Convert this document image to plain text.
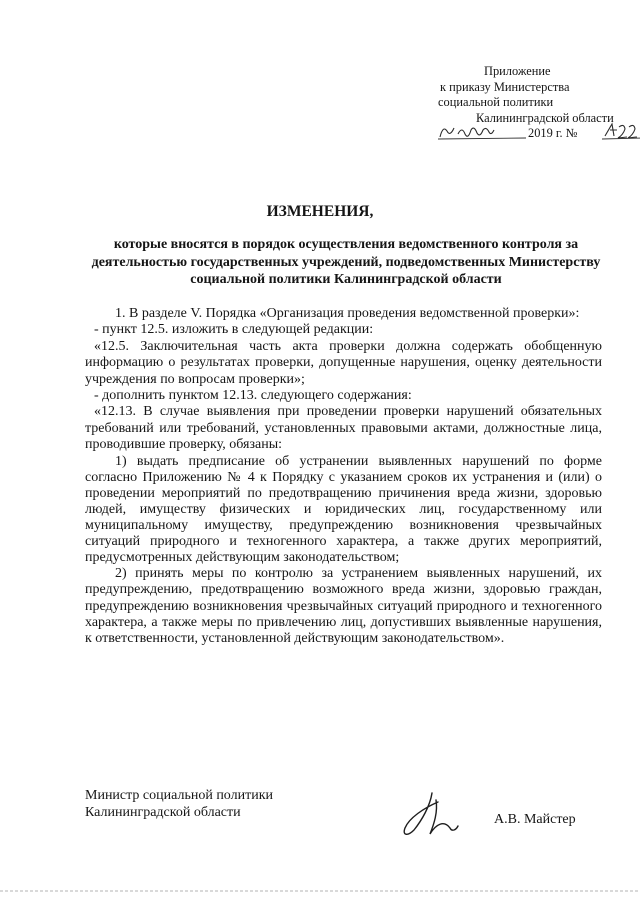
Приложение
к приказу Министерства
социальной политики
Калининградской области
2019 г. №
ИЗМЕНЕНИЯ,
которые вносятся в порядок осуществления ведомственного контроля за деятельностью государственных учреждений, подведомственных Министерству социальной политики Калининградской области

1. В разделе V. Порядка «Организация проведения ведомственной проверки»:

- пункт 12.5. изложить в следующей редакции:

«12.5. Заключительная часть акта проверки должна содержать обобщенную информацию о результатах проверки, допущенные нарушения, оценку деятельности учреждения по вопросам проверки»;

- дополнить пунктом 12.13. следующего содержания:

«12.13. В случае выявления при проведении проверки нарушений обязательных требований или требований, установленных правовыми актами, должностные лица, проводившие проверку, обязаны:

1) выдать предписание об устранении выявленных нарушений по форме согласно Приложению № 4 к Порядку с указанием сроков их устранения и (или) о проведении мероприятий по предотвращению причинения вреда жизни, здоровью людей, имуществу физических и юридических лиц, государственному или муниципальному имуществу, предупреждению возникновения чрезвычайных ситуаций природного и техногенного характера, а также других мероприятий, предусмотренных действующим законодательством;

2) принять меры по контролю за устранением выявленных нарушений, их предупреждению, предотвращению возможного вреда жизни, здоровью граждан, предупреждению возникновения чрезвычайных ситуаций природного и техногенного характера, а также меры по привлечению лиц, допустивших выявленные нарушения, к ответственности, установленной действующим законодательством».

Министр социальной политики
Калининградской области	А.В. Майстер
